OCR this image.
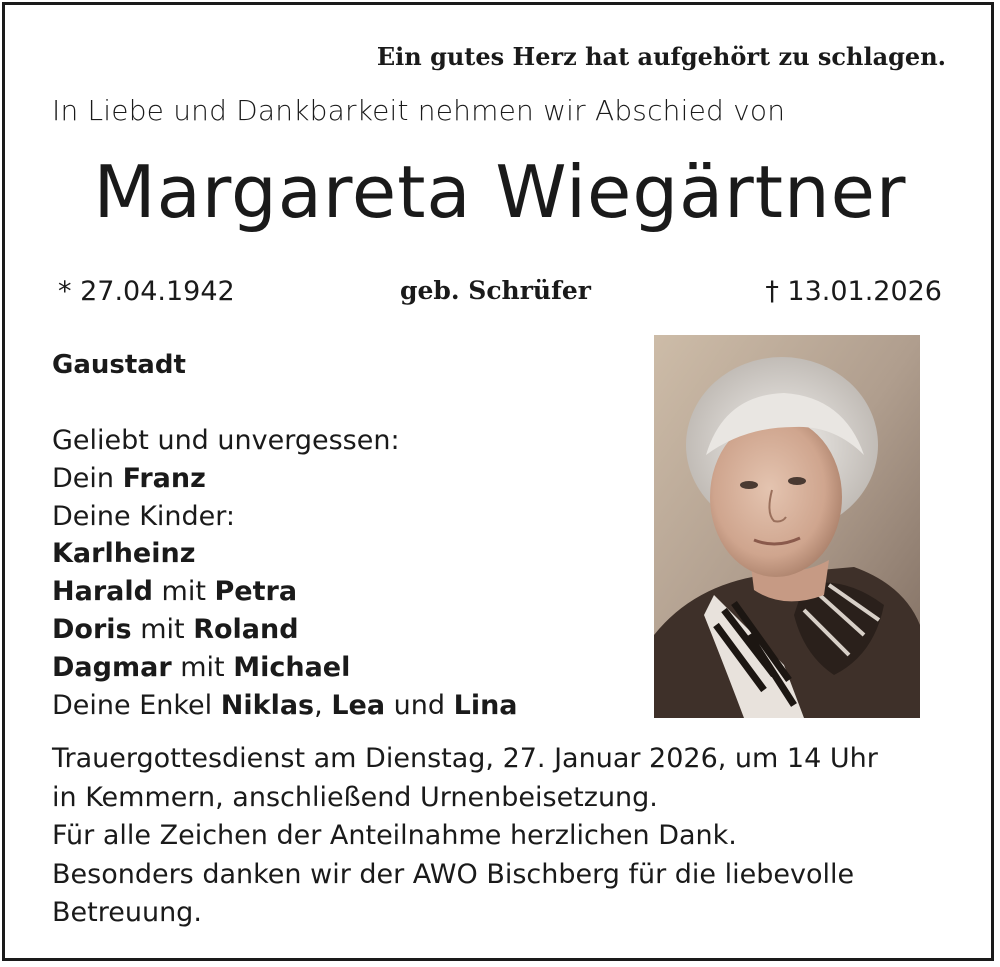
Ein gutes Herz hat aufgehört zu schlagen.
In Liebe und Dankbarkeit nehmen wir Abschied von
Margareta Wiegärtner
* 27.04.1942	geb. Schrüfer	† 13.01.2026
Gaustadt
Geliebt und unvergessen:
Dein Franz
Deine Kinder:
Karlheinz
Harald mit Petra
Doris mit Roland
Dagmar mit Michael
Deine Enkel Niklas, Lea und Lina
Trauergottesdienst am Dienstag, 27. Januar 2026, um 14 Uhr
in Kemmern, anschließend Urnenbeisetzung.
Für alle Zeichen der Anteilnahme herzlichen Dank.
Besonders danken wir der AWO Bischberg für die liebevolle
Betreuung.
